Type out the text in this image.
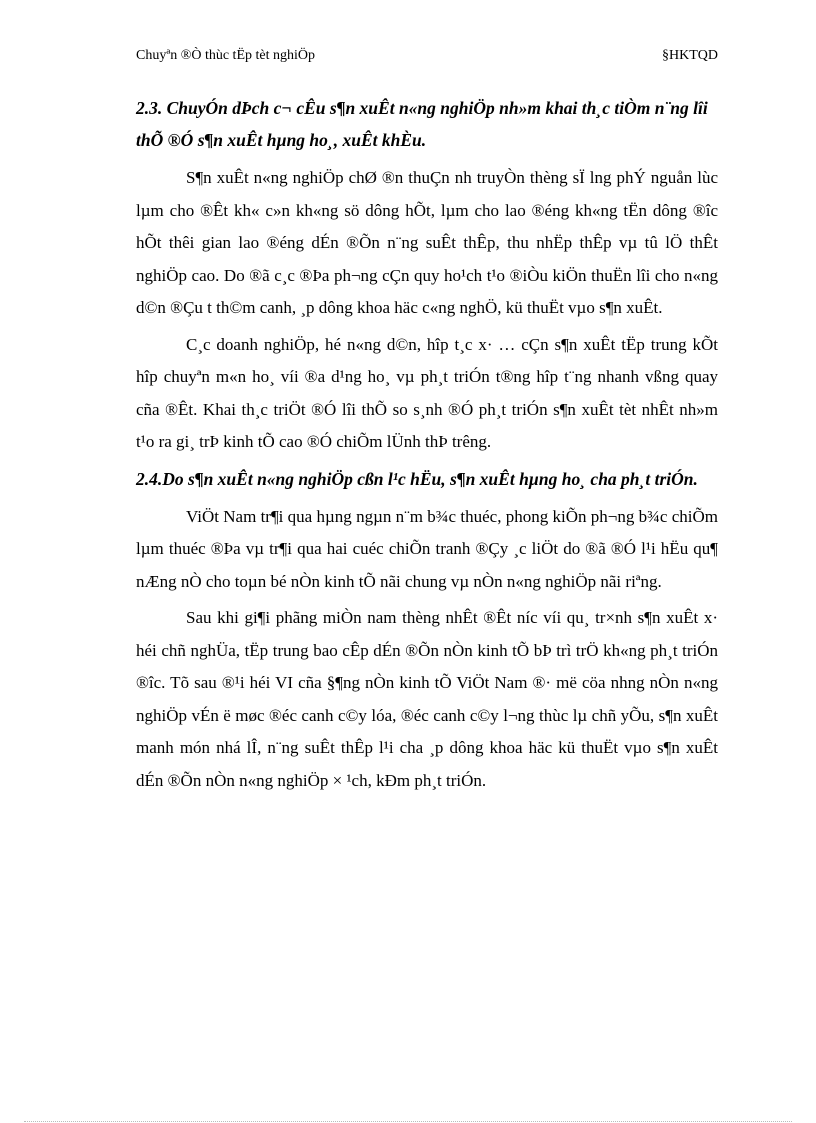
Chuyªn ®Ò thùc tËp tèt nghiÖp	§HKTQD
2.3. ChuyÓn dÞch c¬ cÊu s¶n xuÊt n«ng nghiÖp nh»m khai th¸c tiÒm n¨ng lîi thÕ ®Ó s¶n xuÊt hµng ho¸, xuÊt khÈu.

S¶n xuÊt n«ng nghiÖp chØ ®n thuÇn nh truyÒn thèng sÏ lng phÝ nguån lùc lµm cho ®Êt kh« c»n kh«ng sö dông hÕt, lµm cho lao ®éng kh«ng tËn dông ®îc hÕt thêi gian lao ®éng dÉn ®Õn n¨ng suÊt thÊp, thu nhËp thÊp vµ tû lÖ thÊt nghiÖp cao. Do ®ã c¸c ®Þa ph¬ng cÇn quy ho¹ch t¹o ®iÒu kiÖn thuËn lîi cho n«ng d©n ®Çu t th©m canh, ¸p dông khoa häc c«ng nghÖ, kü thuËt vµo s¶n xuÊt.

C¸c doanh nghiÖp, hé n«ng d©n, hîp t¸c x· … cÇn s¶n xuÊt tËp trung kÕt hîp chuyªn m«n ho¸ víi ®a d¹ng ho¸ vµ ph¸t triÓn t®ng hîp t¨ng nhanh vßng quay cña ®Êt. Khai th¸c triÖt ®Ó lîi thÕ so s¸nh ®Ó ph¸t triÓn s¶n xuÊt tèt nhÊt nh»m t¹o ra gi¸ trÞ kinh tÕ cao ®Ó chiÕm lÜnh thÞ trêng.

2.4.Do s¶n xuÊt n«ng nghiÖp cßn l¹c hËu, s¶n xuÊt hµng ho¸ cha ph¸t triÓn.

ViÖt Nam tr¶i qua hµng ngµn n¨m b¾c thuéc, phong kiÕn ph¬ng b¾c chiÕm lµm thuéc ®Þa vµ tr¶i qua hai cuéc chiÕn tranh ®Çy ¸c liÖt do ®ã ®Ó l¹i hËu qu¶ nÆng nÒ cho toµn bé nÒn kinh tÕ nãi chung vµ nÒn n«ng nghiÖp nãi riªng.

Sau khi gi¶i phãng miÒn nam thèng nhÊt ®Êt níc víi qu¸ tr×nh s¶n xuÊt x· héi chñ nghÜa, tËp trung bao cÊp dÉn ®Õn nÒn kinh tÕ bÞ trì trÖ kh«ng ph¸t triÓn ®îc. Tõ sau ®¹i héi VI cña §¶ng nÒn kinh tÕ ViÖt Nam ®· më cöa nhng nÒn n«ng nghiÖp vÉn ë møc ®éc canh c©y lóa, ®éc canh c©y l¬ng thùc lµ chñ yÕu, s¶n xuÊt manh món nhá lÎ, n¨ng suÊt thÊp l¹i cha ¸p dông khoa häc kü thuËt vµo s¶n xuÊt dÉn ®Õn nÒn n«ng nghiÖp × ¹ch, kÐm ph¸t triÓn.
